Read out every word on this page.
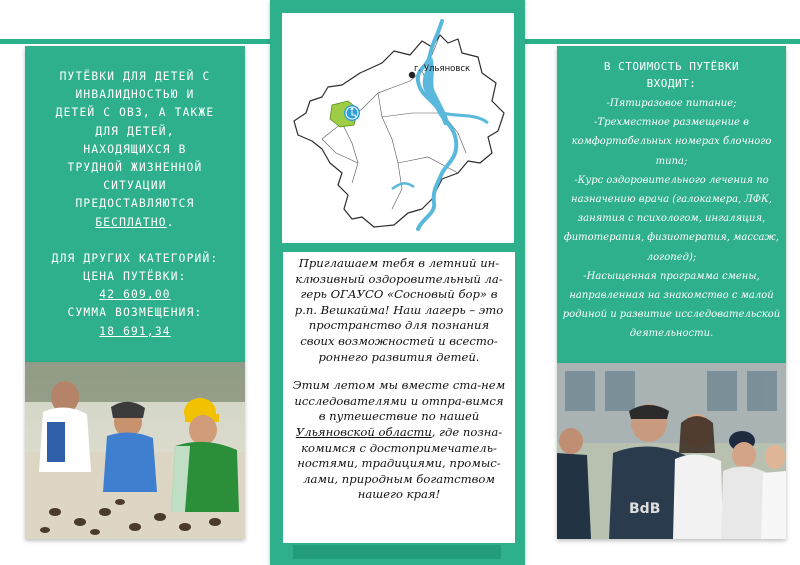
ПУТЁВКИ ДЛЯ ДЕТЕЙ С

ИНВАЛИДНОСТЬЮ И

ДЕТЕЙ С ОВЗ, А ТАКЖЕ

ДЛЯ ДЕТЕЙ,

НАХОДЯЩИХСЯ В

ТРУДНОЙ ЖИЗНЕННОЙ

СИТУАЦИИ

ПРЕДОСТАВЛЯЮТСЯ

БЕСПЛАТНО.

ДЛЯ ДРУГИХ КАТЕГОРИЙ:

ЦЕНА ПУТЁВКИ:

42 609,00

СУММА ВОЗМЕЩЕНИЯ:

18 691,34

г. Ульяновск

Приглашаем тебя в летний ин-клюзивный оздоровительный ла-герь ОГАУСО «Сосновый бор» в р.п. Вешкайма! Наш лагерь – это пространство для познания своих возможностей и всесто-роннего развития детей.

Этим летом мы вместе ста-нем исследователями и отпра-вимся в путешествие по нашей Ульяновской области, где позна-комимся с достопримечатель-ностями, традициями, промыс-лами, природным богатством нашего края!

В СТОИМОСТЬ ПУТЁВКИ
ВХОДИТ:

-Пятиразовое питание;

-Трехместное размещение в комфортабельных номерах блочного типа;

-Курс оздоровительного лечения по назначению врача (галокамера, ЛФК, занятия с психологом, ингаляция, фитотерапия, физиотерапия, массаж, логопед);

-Насыщенная программа смены, направленная на знакомство с малой родиной и развитие исследовательской деятельности.

BdB
